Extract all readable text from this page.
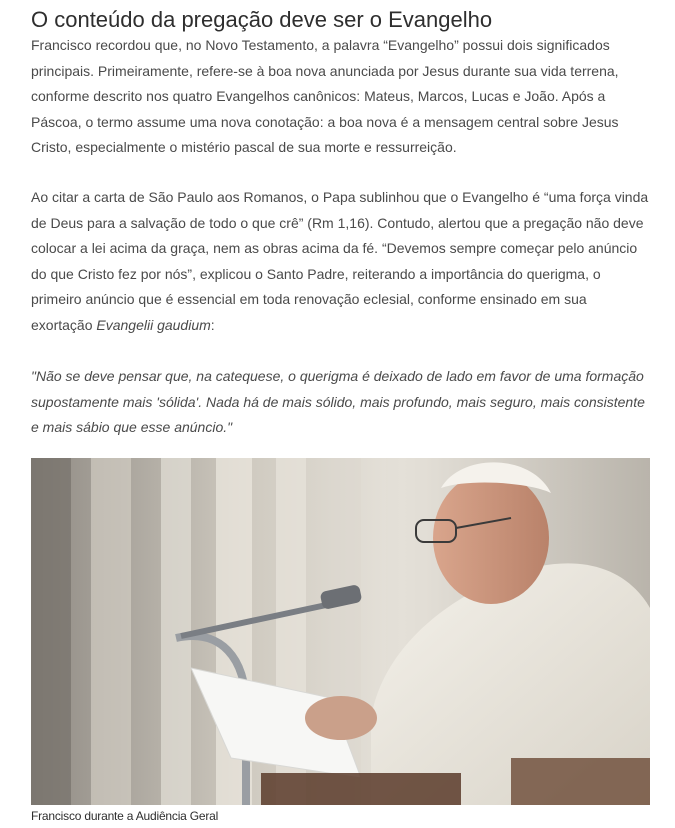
O conteúdo da pregação deve ser o Evangelho

Francisco recordou que, no Novo Testamento, a palavra “Evangelho” possui dois significados principais. Primeiramente, refere-se à boa nova anunciada por Jesus durante sua vida terrena, conforme descrito nos quatro Evangelhos canônicos: Mateus, Marcos, Lucas e João. Após a Páscoa, o termo assume uma nova conotação: a boa nova é a mensagem central sobre Jesus Cristo, especialmente o mistério pascal de sua morte e ressurreição.

Ao citar a carta de São Paulo aos Romanos, o Papa sublinhou que o Evangelho é “uma força vinda de Deus para a salvação de todo o que crê” (Rm 1,16). Contudo, alertou que a pregação não deve colocar a lei acima da graça, nem as obras acima da fé. “Devemos sempre começar pelo anúncio do que Cristo fez por nós”, explicou o Santo Padre, reiterando a importância do querigma, o primeiro anúncio que é essencial em toda renovação eclesial, conforme ensinado em sua exortação Evangelii gaudium:

"Não se deve pensar que, na catequese, o querigma é deixado de lado em favor de uma formação supostamente mais 'sólida'. Nada há de mais sólido, mais profundo, mais seguro, mais consistente e mais sábio que esse anúncio."

Francisco durante a Audiência Geral
